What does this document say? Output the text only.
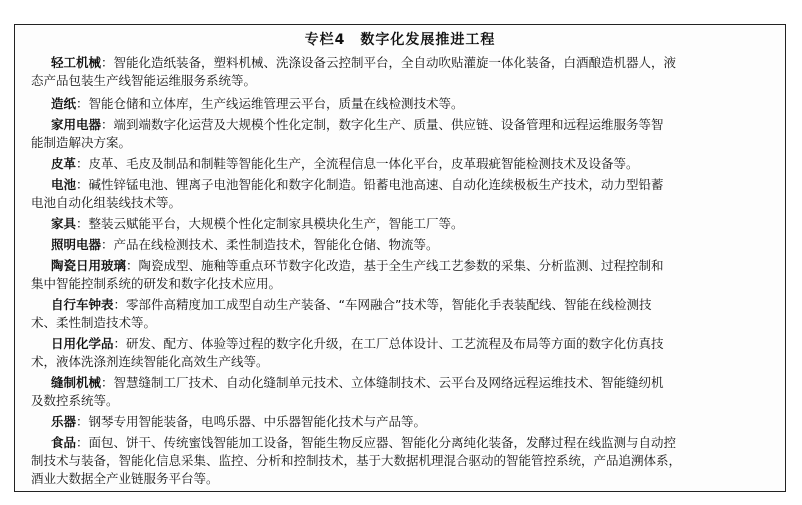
专栏4　数字化发展推进工程
轻工机械：智能化造纸装备，塑料机械、洗涤设备云控制平台，全自动吹贴灌旋一体化装备，白酒酿造机器人，液
态产品包装生产线智能运维服务系统等。
造纸：智能仓储和立体库，生产线运维管理云平台，质量在线检测技术等。
家用电器：端到端数字化运营及大规模个性化定制，数字化生产、质量、供应链、设备管理和远程运维服务等智
能制造解决方案。
皮革：皮革、毛皮及制品和制鞋等智能化生产，全流程信息一体化平台，皮革瑕疵智能检测技术及设备等。
电池：碱性锌锰电池、锂离子电池智能化和数字化制造。铅蓄电池高速、自动化连续极板生产技术，动力型铅蓄
电池自动化组装线技术等。
家具：整装云赋能平台，大规模个性化定制家具模块化生产，智能工厂等。
照明电器：产品在线检测技术、柔性制造技术，智能化仓储、物流等。
陶瓷日用玻璃：陶瓷成型、施釉等重点环节数字化改造，基于全生产线工艺参数的采集、分析监测、过程控制和
集中智能控制系统的研发和数字化技术应用。
自行车钟表：零部件高精度加工成型自动生产装备、“车网融合”技术等，智能化手表装配线、智能在线检测技
术、柔性制造技术等。
日用化学品：研发、配方、体验等过程的数字化升级，在工厂总体设计、工艺流程及布局等方面的数字化仿真技
术，液体洗涤剂连续智能化高效生产线等。
缝制机械：智慧缝制工厂技术、自动化缝制单元技术、立体缝制技术、云平台及网络远程运维技术、智能缝纫机
及数控系统等。
乐器：钢琴专用智能装备，电鸣乐器、中乐器智能化技术与产品等。
食品：面包、饼干、传统蜜饯智能加工设备，智能生物反应器、智能化分离纯化装备，发酵过程在线监测与自动控
制技术与装备，智能化信息采集、监控、分析和控制技术，基于大数据机理混合驱动的智能管控系统，产品追溯体系，
酒业大数据全产业链服务平台等。
